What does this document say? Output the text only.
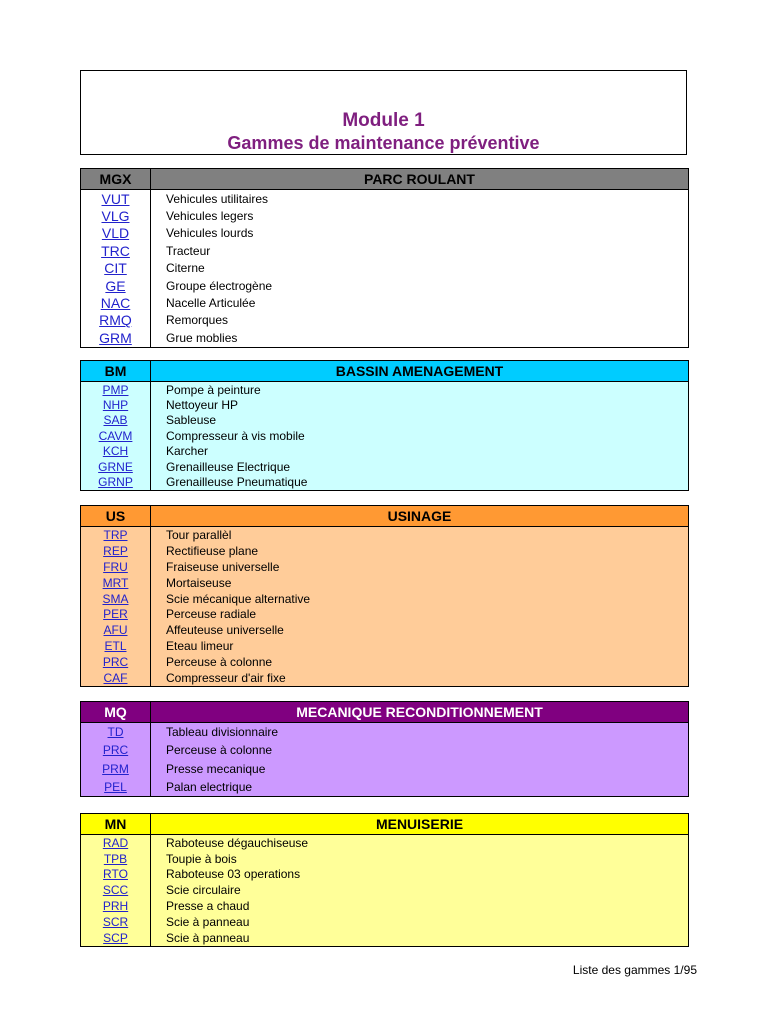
Module 1
Gammes de maintenance préventive
MGX	PARC ROULANT
VUT	Vehicules utilitaires
VLG	Vehicules legers
VLD	Vehicules lourds
TRC	Tracteur
CIT	Citerne
GE	Groupe électrogène
NAC	Nacelle Articulée
RMQ	Remorques
GRM	Grue moblies
BM	BASSIN AMENAGEMENT
PMP	Pompe à peinture
NHP	Nettoyeur HP
SAB	Sableuse
CAVM	Compresseur à vis mobile
KCH	Karcher
GRNE	Grenailleuse Electrique
GRNP	Grenailleuse Pneumatique
US	USINAGE
TRP	Tour parallèl
REP	Rectifieuse plane
FRU	Fraiseuse universelle
MRT	Mortaiseuse
SMA	Scie mécanique alternative
PER	Perceuse radiale
AFU	Affeuteuse universelle
ETL	Eteau limeur
PRC	Perceuse à colonne
CAF	Compresseur d'air fixe
MQ	MECANIQUE RECONDITIONNEMENT
TD	Tableau divisionnaire
PRC	Perceuse à colonne
PRM	Presse mecanique
PEL	Palan electrique
MN	MENUISERIE
RAD	Raboteuse dégauchiseuse
TPB	Toupie à bois
RTO	Raboteuse 03 operations
SCC	Scie circulaire
PRH	Presse a chaud
SCR	Scie à panneau
SCP	Scie à panneau
Liste des gammes 1/95
